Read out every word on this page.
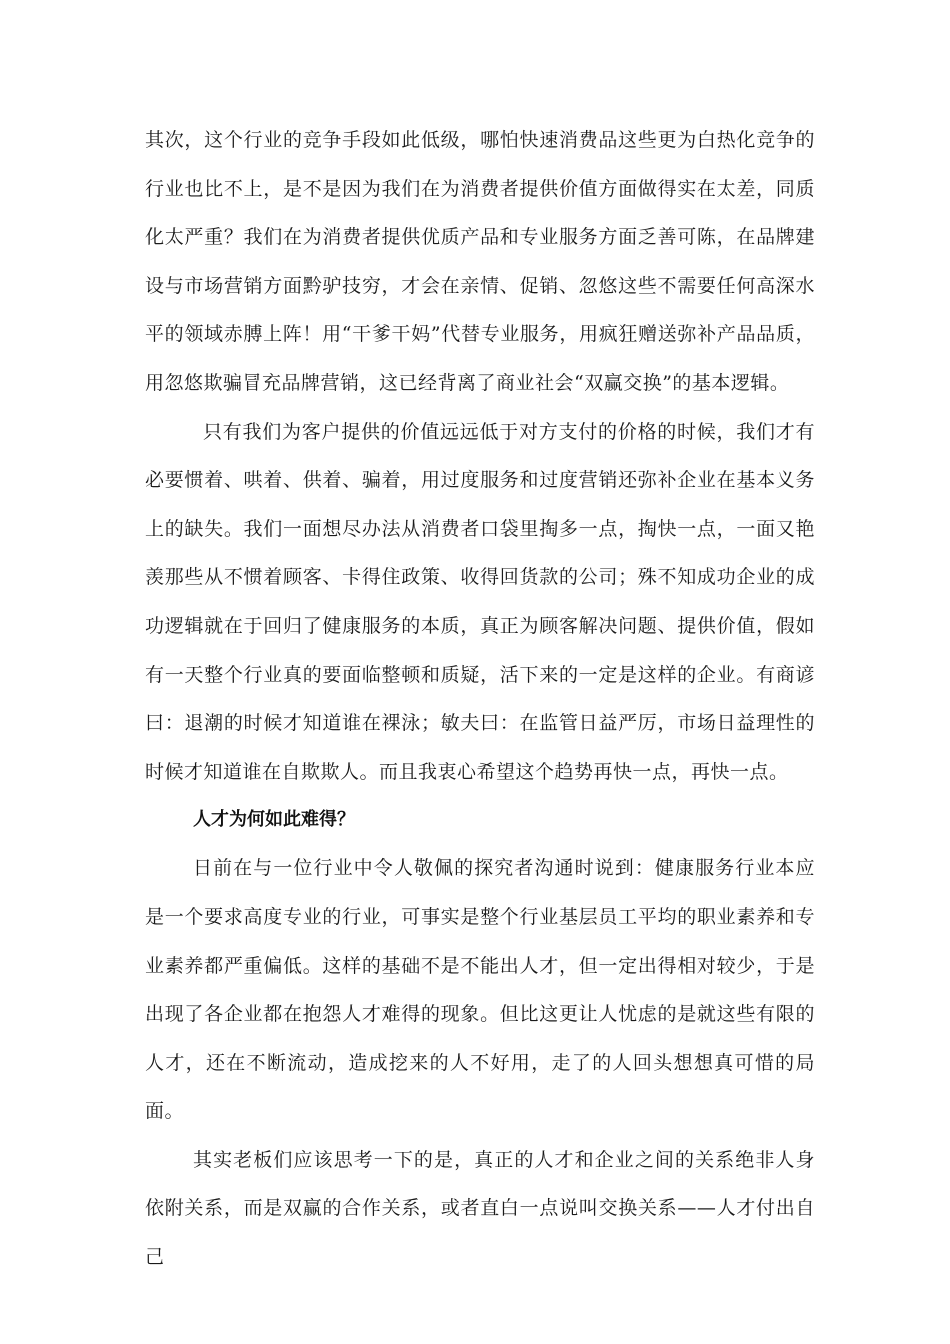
其次，这个行业的竞争手段如此低级，哪怕快速消费品这些更为白热化竞争的行业也比不上，是不是因为我们在为消费者提供价值方面做得实在太差，同质化太严重？我们在为消费者提供优质产品和专业服务方面乏善可陈，在品牌建设与市场营销方面黔驴技穷，才会在亲情、促销、忽悠这些不需要任何高深水平的领域赤膊上阵！用“干爹干妈”代替专业服务，用疯狂赠送弥补产品品质，用忽悠欺骗冒充品牌营销，这已经背离了商业社会“双赢交换”的基本逻辑。

只有我们为客户提供的价值远远低于对方支付的价格的时候，我们才有必要惯着、哄着、供着、骗着，用过度服务和过度营销还弥补企业在基本义务上的缺失。我们一面想尽办法从消费者口袋里掏多一点，掏快一点，一面又艳羡那些从不惯着顾客、卡得住政策、收得回货款的公司；殊不知成功企业的成功逻辑就在于回归了健康服务的本质，真正为顾客解决问题、提供价值，假如有一天整个行业真的要面临整顿和质疑，活下来的一定是这样的企业。有商谚曰：退潮的时候才知道谁在裸泳；敏夫曰：在监管日益严厉，市场日益理性的时候才知道谁在自欺欺人。而且我衷心希望这个趋势再快一点，再快一点。

人才为何如此难得？

日前在与一位行业中令人敬佩的探究者沟通时说到：健康服务行业本应是一个要求高度专业的行业，可事实是整个行业基层员工平均的职业素养和专业素养都严重偏低。这样的基础不是不能出人才，但一定出得相对较少，于是出现了各企业都在抱怨人才难得的现象。但比这更让人忧虑的是就这些有限的人才，还在不断流动，造成挖来的人不好用，走了的人回头想想真可惜的局面。

其实老板们应该思考一下的是，真正的人才和企业之间的关系绝非人身依附关系，而是双赢的合作关系，或者直白一点说叫交换关系——人才付出自己
